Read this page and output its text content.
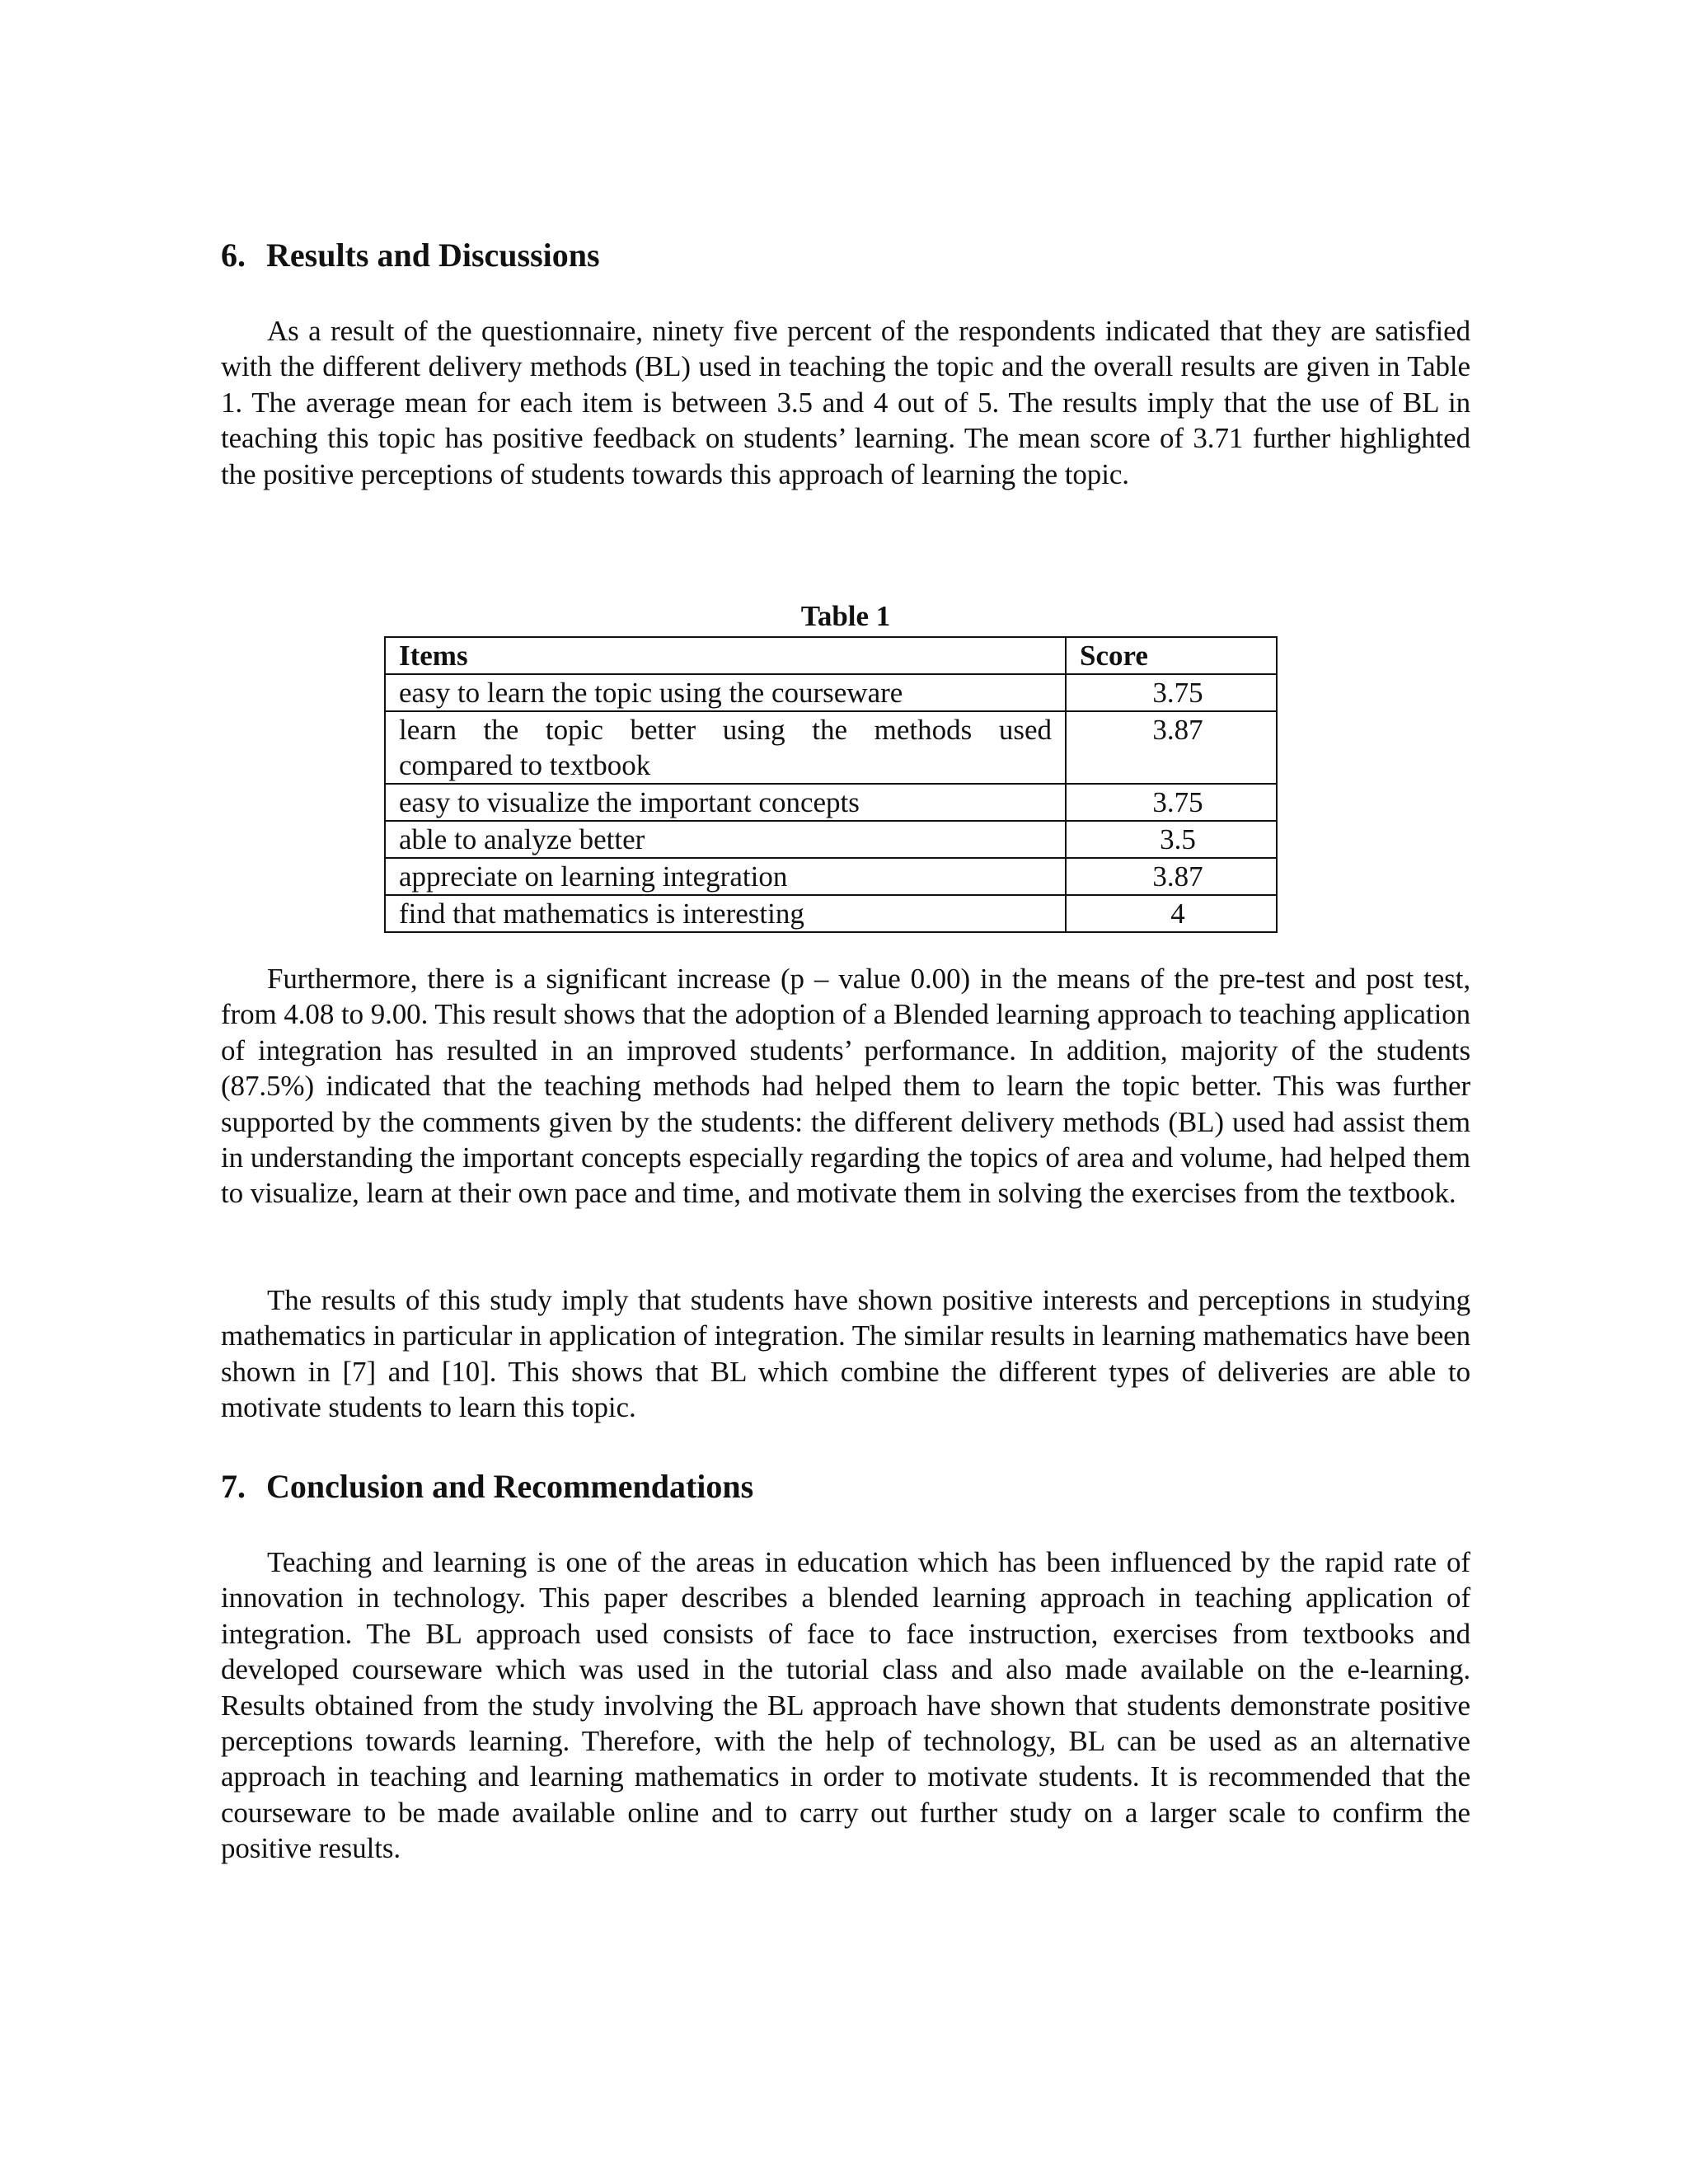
6. Results and Discussions

As a result of the questionnaire, ninety five percent of the respondents indicated that they are satisfied with the different delivery methods (BL) used in teaching the topic and the overall results are given in Table 1. The average mean for each item is between 3.5 and 4 out of 5. The results imply that the use of BL in teaching this topic has positive feedback on students’ learning. The mean score of 3.71 further highlighted the positive perceptions of students towards this approach of learning the topic.

Table 1
Items	Score
easy to learn the topic using the courseware	3.75

learn the topic better using the methods used
compared to textbook	3.87
easy to visualize the important concepts	3.75
able to analyze better	3.5
appreciate on learning integration	3.87
find that mathematics is interesting	4

Furthermore, there is a significant increase (p – value 0.00) in the means of the pre-test and post test, from 4.08 to 9.00. This result shows that the adoption of a Blended learning approach to teaching application of integration has resulted in an improved students’ performance. In addition, majority of the students (87.5%) indicated that the teaching methods had helped them to learn the topic better. This was further supported by the comments given by the students: the different delivery methods (BL) used had assist them in understanding the important concepts especially regarding the topics of area and volume, had helped them to visualize, learn at their own pace and time, and motivate them in solving the exercises from the textbook.

The results of this study imply that students have shown positive interests and perceptions in studying mathematics in particular in application of integration. The similar results in learning mathematics have been shown in [7] and [10]. This shows that BL which combine the different types of deliveries are able to motivate students to learn this topic.

7. Conclusion and Recommendations

Teaching and learning is one of the areas in education which has been influenced by the rapid rate of innovation in technology. This paper describes a blended learning approach in teaching application of integration. The BL approach used consists of face to face instruction, exercises from textbooks and developed courseware which was used in the tutorial class and also made available on the e-learning. Results obtained from the study involving the BL approach have shown that students demonstrate positive perceptions towards learning. Therefore, with the help of technology, BL can be used as an alternative approach in teaching and learning mathematics in order to motivate students. It is recommended that the courseware to be made available online and to carry out further study on a larger scale to confirm the positive results.
